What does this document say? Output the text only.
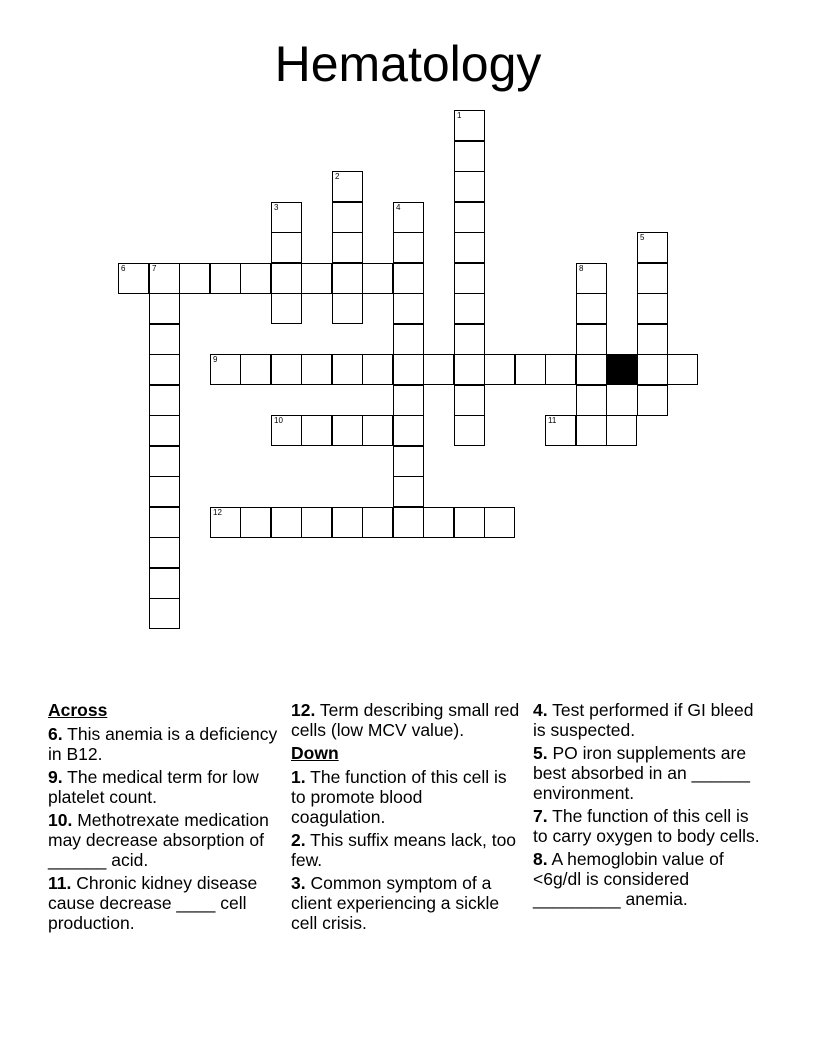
Hematology
6	7
9
10	11
12
1
2
3	4
5
8
Across
6. This anemia is a deficiency in B12.
9. The medical term for low platelet count.
10. Methotrexate medication may decrease absorption of ______ acid.
11. Chronic kidney disease cause decrease ____ cell production.
12. Term describing small red cells (low MCV value).
Down
1. The function of this cell is to promote blood coagulation.
2. This suffix means lack, too few.
3. Common symptom of a client experiencing a sickle cell crisis.
4. Test performed if GI bleed is suspected.
5. PO iron supplements are best absorbed in an ______ environment.
7. The function of this cell is to carry oxygen to body cells.
8. A hemoglobin value of <6g/dl is considered _________ anemia.
